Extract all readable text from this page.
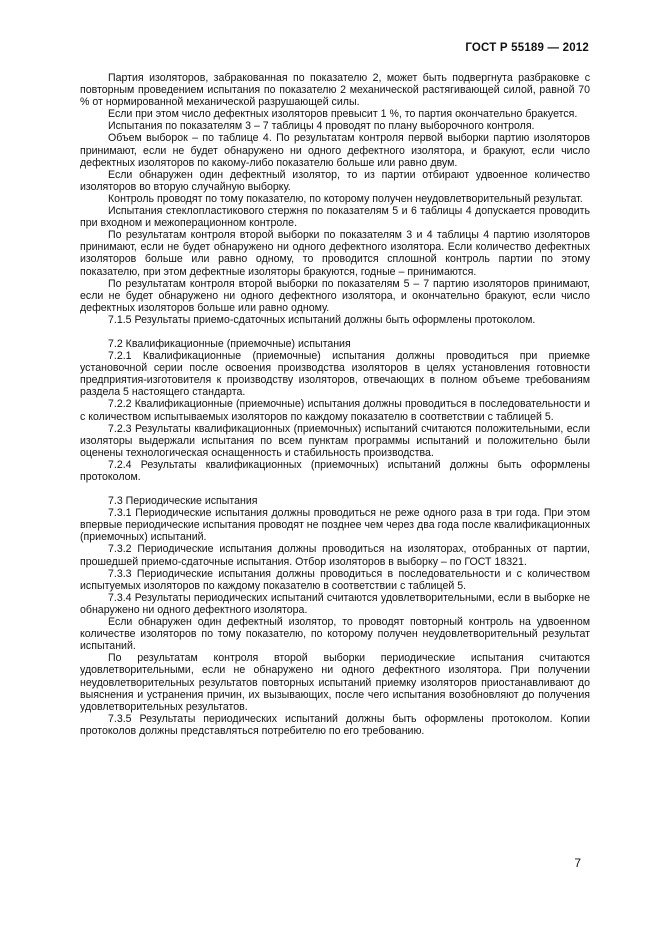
ГОСТ Р 55189 — 2012

Партия изоляторов, забракованная по показателю 2, может быть подвергнута разбраковке с повторным проведением испытания по показателю 2 механической растягивающей силой, равной 70 % от нормированной механической разрушающей силы.

Если при этом число дефектных изоляторов превысит 1 %, то партия окончательно бракуется.

Испытания по показателям 3 – 7 таблицы 4 проводят по плану выборочного контроля.

Объем выборок – по таблице 4. По результатам контроля первой выборки партию изоляторов принимают, если не будет обнаружено ни одного дефектного изолятора, и бракуют, если число дефектных изоляторов по какому-либо показателю больше или равно двум.

Если обнаружен один дефектный изолятор, то из партии отбирают удвоенное количество изоляторов во вторую случайную выборку.

Контроль проводят по тому показателю, по которому получен неудовлетворительный результат.

Испытания стеклопластикового стержня по показателям 5 и 6 таблицы 4 допускается проводить при входном и межоперационном контроле.

По результатам контроля второй выборки по показателям 3 и 4 таблицы 4 партию изоляторов принимают, если не будет обнаружено ни одного дефектного изолятора. Если количество дефектных изоляторов больше или равно одному, то проводится сплошной контроль партии по этому показателю, при этом дефектные изоляторы бракуются, годные – принимаются.

По результатам контроля второй выборки по показателям 5 – 7 партию изоляторов принимают, если не будет обнаружено ни одного дефектного изолятора, и окончательно бракуют, если число дефектных изоляторов больше или равно одному.

7.1.5 Результаты приемо-сдаточных испытаний должны быть оформлены протоколом.

7.2 Квалификационные (приемочные) испытания

7.2.1 Квалификационные (приемочные) испытания должны проводиться при приемке установочной серии после освоения производства изоляторов в целях установления готовности предприятия-изготовителя к производству изоляторов, отвечающих в полном объеме требованиям раздела 5 настоящего стандарта.

7.2.2 Квалификационные (приемочные) испытания должны проводиться в последовательности и с количеством испытываемых изоляторов по каждому показателю в соответствии с таблицей 5.

7.2.3 Результаты квалификационных (приемочных) испытаний считаются положительными, если изоляторы выдержали испытания по всем пунктам программы испытаний и положительно были оценены технологическая оснащенность и стабильность производства.

7.2.4 Результаты квалификационных (приемочных) испытаний должны быть оформлены протоколом.

7.3 Периодические испытания

7.3.1 Периодические испытания должны проводиться не реже одного раза в три года. При этом впервые периодические испытания проводят не позднее чем через два года после квалификационных (приемочных) испытаний.

7.3.2 Периодические испытания должны проводиться на изоляторах, отобранных от партии, прошедшей приемо-сдаточные испытания. Отбор изоляторов в выборку – по ГОСТ 18321.

7.3.3 Периодические испытания должны проводиться в последовательности и с количеством испытуемых изоляторов по каждому показателю в соответствии с таблицей 5.

7.3.4 Результаты периодических испытаний считаются удовлетворительными, если в выборке не обнаружено ни одного дефектного изолятора.

Если обнаружен один дефектный изолятор, то проводят повторный контроль на удвоенном количестве изоляторов по тому показателю, по которому получен неудовлетворительный результат испытаний.

По результатам контроля второй выборки периодические испытания считаются удовлетворительными, если не обнаружено ни одного дефектного изолятора. При получении неудовлетворительных результатов повторных испытаний приемку изоляторов приостанавливают до выяснения и устранения причин, их вызывающих, после чего испытания возобновляют до получения удовлетворительных результатов.

7.3.5 Результаты периодических испытаний должны быть оформлены протоколом. Копии протоколов должны представляться потребителю по его требованию.

7
